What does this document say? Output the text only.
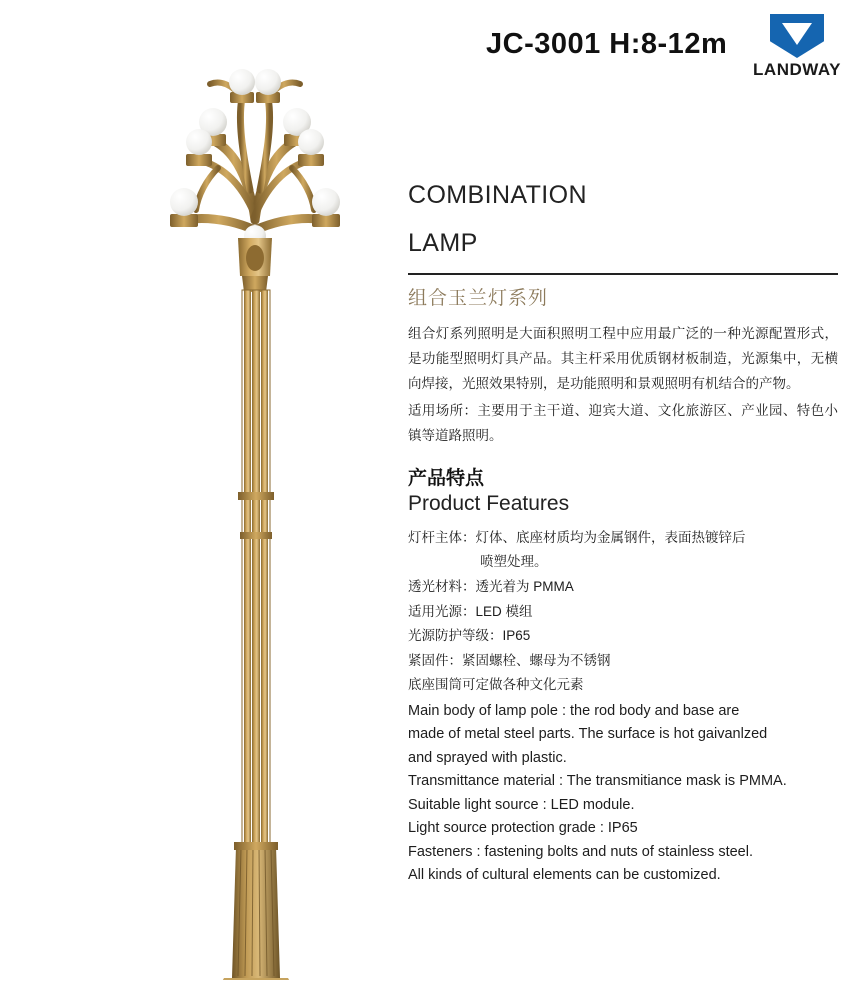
JC-3001 H:8-12m
LANDWAY
COMBINATION
LAMP
组合玉兰灯系列

组合灯系列照明是大面积照明工程中应用最广泛的一种光源配置形式，是功能型照明灯具产品。其主杆采用优质钢材板制造，光源集中，无横向焊接，光照效果特别，是功能照明和景观照明有机结合的产物。

适用场所：主要用于主干道、迎宾大道、文化旅游区、产业园、特色小镇等道路照明。

产品特点
Product Features
灯杆主体：灯体、底座材质均为金属钢件，表面热镀锌后
喷塑处理。
透光材料：透光着为 PMMA
适用光源：LED 模组
光源防护等级：IP65
紧固件：紧固螺栓、螺母为不锈钢
底座围筒可定做各种文化元素
Main body of lamp pole : the rod body and base are
made of metal steel parts. The surface is hot gaivanlzed
and sprayed with plastic.
Transmittance material : The transmitiance mask is PMMA.
Suitable light source : LED module.
Light source protection grade : IP65
Fasteners : fastening bolts and nuts of stainless steel.
All kinds of cultural elements can be customized.
